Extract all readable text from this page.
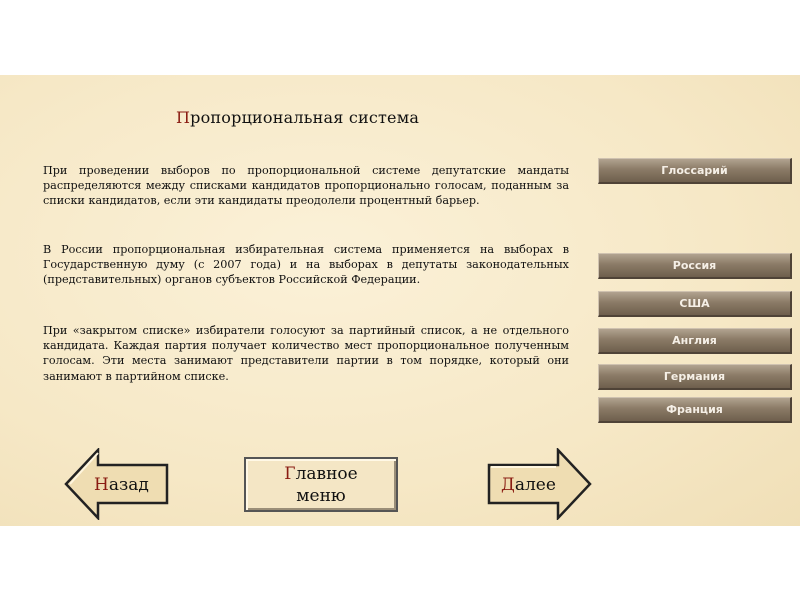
Пропорциональная система

При проведении выборов по пропорциональной системе депутатские мандаты распределяются между списками кандидатов пропорционально голосам, поданным за списки кандидатов, если эти кандидаты преодолели процентный барьер.

В России пропорциональная избирательная система применяется на выборах в Государственную думу (с 2007 года) и на выборах в депутаты законодательных (представительных) органов субъектов Российской Федерации.

При «закрытом списке» избиратели голосуют за партийный список, а не отдельного кандидата. Каждая партия получает количество мест пропорциональное полученным голосам. Эти места занимают представители партии в том порядке, который они занимают в партийном списке.

Глоссарий
Россия
США
Англия
Германия
Франция
Назад
Главное
меню
Далее
